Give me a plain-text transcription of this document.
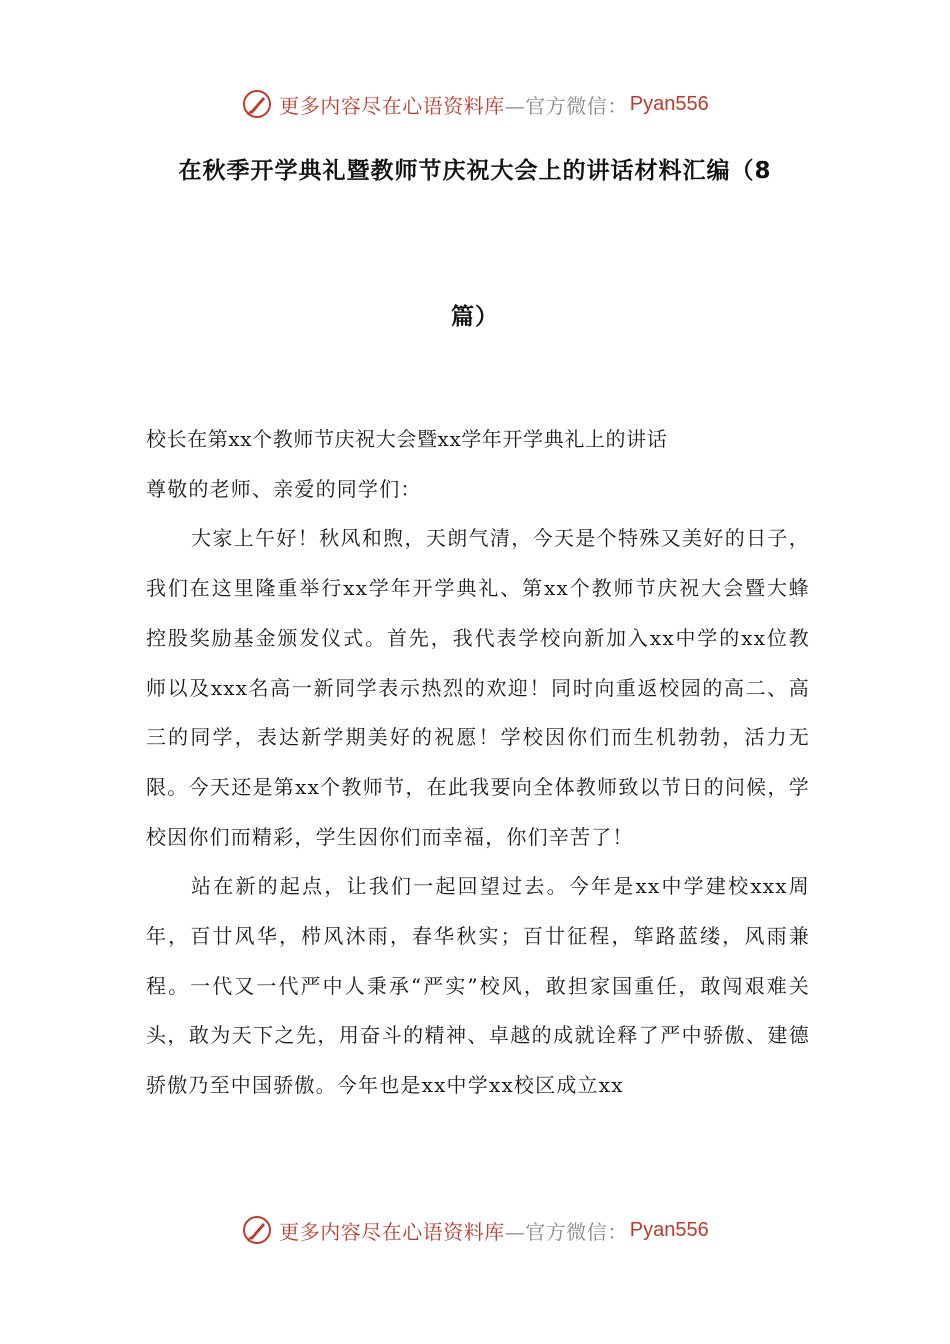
更多内容尽在心语资料库—官方微信： Pyan556
在秋季开学典礼暨教师节庆祝大会上的讲话材料汇编（8
篇）

校长在第xx个教师节庆祝大会暨xx学年开学典礼上的讲话

尊敬的老师、亲爱的同学们：

大家上午好！秋风和煦，天朗气清，今天是个特殊又美好的日子，我们在这里隆重举行xx学年开学典礼、第xx个教师节庆祝大会暨大蜂控股奖励基金颁发仪式。首先，我代表学校向新加入xx中学的xx位教师以及xxx名高一新同学表示热烈的欢迎！同时向重返校园的高二、高三的同学，表达新学期美好的祝愿！学校因你们而生机勃勃，活力无限。今天还是第xx个教师节，在此我要向全体教师致以节日的问候，学校因你们而精彩，学生因你们而幸福，你们辛苦了！

站在新的起点，让我们一起回望过去。今年是xx中学建校xxx周年，百廿风华，栉风沐雨，春华秋实；百廿征程，筚路蓝缕，风雨兼程。一代又一代严中人秉承“严实”校风，敢担家国重任，敢闯艰难关头，敢为天下之先，用奋斗的精神、卓越的成就诠释了严中骄傲、建德骄傲乃至中国骄傲。今年也是xx中学xx校区成立xx

更多内容尽在心语资料库—官方微信： Pyan556
